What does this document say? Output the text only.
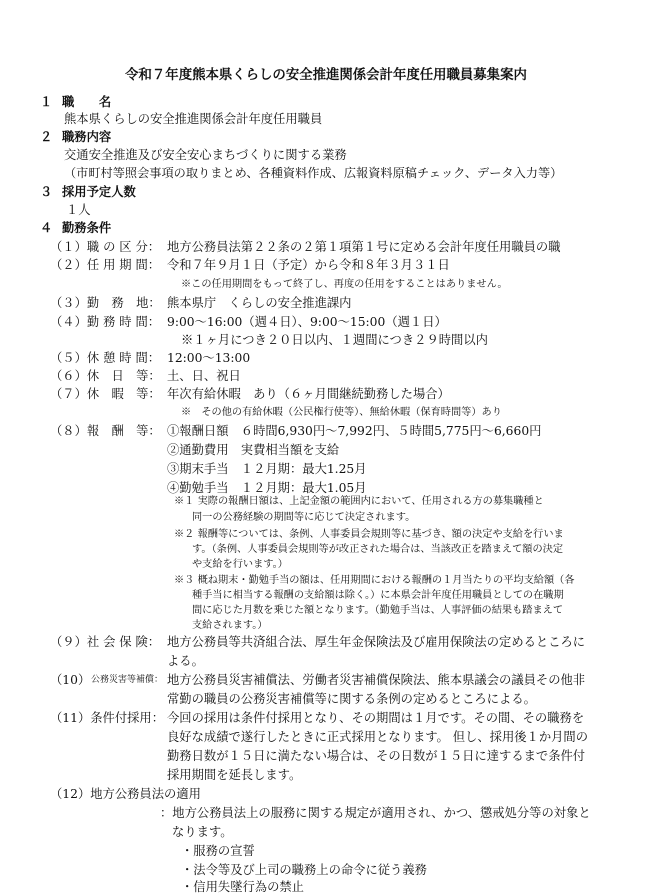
令和７年度熊本県くらしの安全推進関係会計年度任用職員募集案内
１ 職　　名
熊本県くらしの安全推進関係会計年度任用職員
２ 職務内容
交通安全推進及び安全安心まちづくりに関する業務
（市町村等照会事項の取りまとめ、各種資料作成、広報資料原稿チェック、データ入力等）
３ 採用予定人数
１人
４ 勤務条件
（１）職 の 区 分： 地方公務員法第２２条の２第１項第１号に定める会計年度任用職員の職
（２）任 用 期 間： 令和７年９月１日（予定）から令和８年３月３１日
※この任用期間をもって終了し、再度の任用をすることはありません。
（３）勤　務　地： 熊本県庁　くらしの安全推進課内
（４）勤 務 時 間： 9:00～16:00（週４日）、9:00～15:00（週１日）
※１ヶ月につき２０日以内、１週間につき２９時間以内
（５）休 憩 時 間： 12:00～13:00
（６）休　日　等： 土、日、祝日
（７）休　暇　等： 年次有給休暇　あり（６ヶ月間継続勤務した場合）
※　その他の有給休暇（公民権行使等）、無給休暇（保育時間等）あり
（８）報　酬　等： ①報酬日額　６時間6,930円～7,992円、５時間5,775円～6,660円
②通勤費用　実費相当額を支給
③期末手当　１２月期：最大1.25月
④勤勉手当　１２月期：最大1.05月
※１ 実際の報酬日額は、上記金額の範囲内において、任用される方の募集職種と
同一の公務経験の期間等に応じて決定されます。
※２ 報酬等については、条例、人事委員会規則等に基づき、額の決定や支給を行いま
す。（条例、人事委員会規則等が改正された場合は、当該改正を踏まえて額の決定
や支給を行います。）
※３ 概ね期末・勤勉手当の額は、任用期間における報酬の１月当たりの平均支給額（各
種手当に相当する報酬の支給額は除く。）に本県会計年度任用職員としての在職期
間に応じた月数を乗じた額となります。（勤勉手当は、人事評価の結果も踏まえて
支給されます。）
（９）社 会 保 険： 地方公務員等共済組合法、厚生年金保険法及び雇用保険法の定めるところに
よる。
（10） 公務災害等補償： 地方公務員災害補償法、労働者災害補償保険法、熊本県議会の議員その他非
常勤の職員の公務災害補償等に関する条例の定めるところによる。
（11）条件付採用： 今回の採用は条件付採用となり、その期間は１月です。その間、その職務を
良好な成績で遂行したときに正式採用となります。 但し、採用後１か月間の
勤務日数が１５日に満たない場合は、その日数が１５日に達するまで条件付
採用期間を延長します。
（12）地方公務員法の適用
：地方公務員法上の服務に関する規定が適用され、かつ、懲戒処分等の対象と
なります。
・服務の宣誓
・法令等及び上司の職務上の命令に従う義務
・信用失墜行為の禁止
